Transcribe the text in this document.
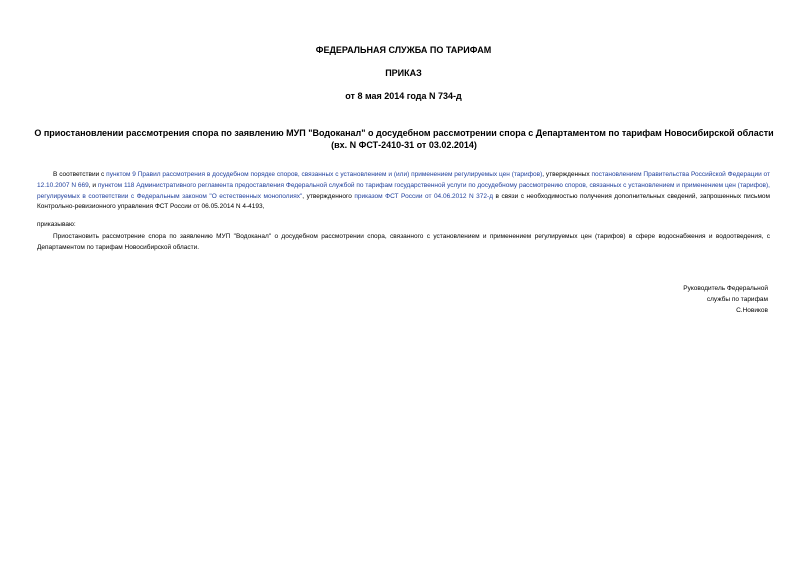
ФЕДЕРАЛЬНАЯ СЛУЖБА ПО ТАРИФАМ
ПРИКАЗ
от 8 мая 2014 года N 734-д
О приостановлении рассмотрения спора по заявлению МУП "Водоканал" о досудебном рассмотрении спора с Департаментом по тарифам Новосибирской области
(вх. N ФСТ-2410-31 от 03.02.2014)
В соответствии с пунктом 9 Правил рассмотрения в досудебном порядке споров, связанных с установлением и (или) применением регулируемых цен (тарифов), утвержденных постановлением Правительства Российской Федерации от 12.10.2007 N 669, и пунктом 118 Административного регламента предоставления Федеральной службой по тарифам государственной услуги по досудебному рассмотрению споров, связанных с установлением и применением цен (тарифов), регулируемых в соответствии с Федеральным законом "О естественных монополиях", утвержденного приказом ФСТ России от 04.06.2012 N 372-д в связи с необходимостью получения дополнительных сведений, запрошенных письмом Контрольно-ревизионного управления ФСТ России от 06.05.2014 N 4-4193,
приказываю:
Приостановить рассмотрение спора по заявлению МУП "Водоканал" о досудебном рассмотрении спора, связанного с установлением и применением регулируемых цен (тарифов) в сфере водоснабжения и водоотведения, с Департаментом по тарифам Новосибирской области.
Руководитель Федеральной
службы по тарифам
С.Новиков
